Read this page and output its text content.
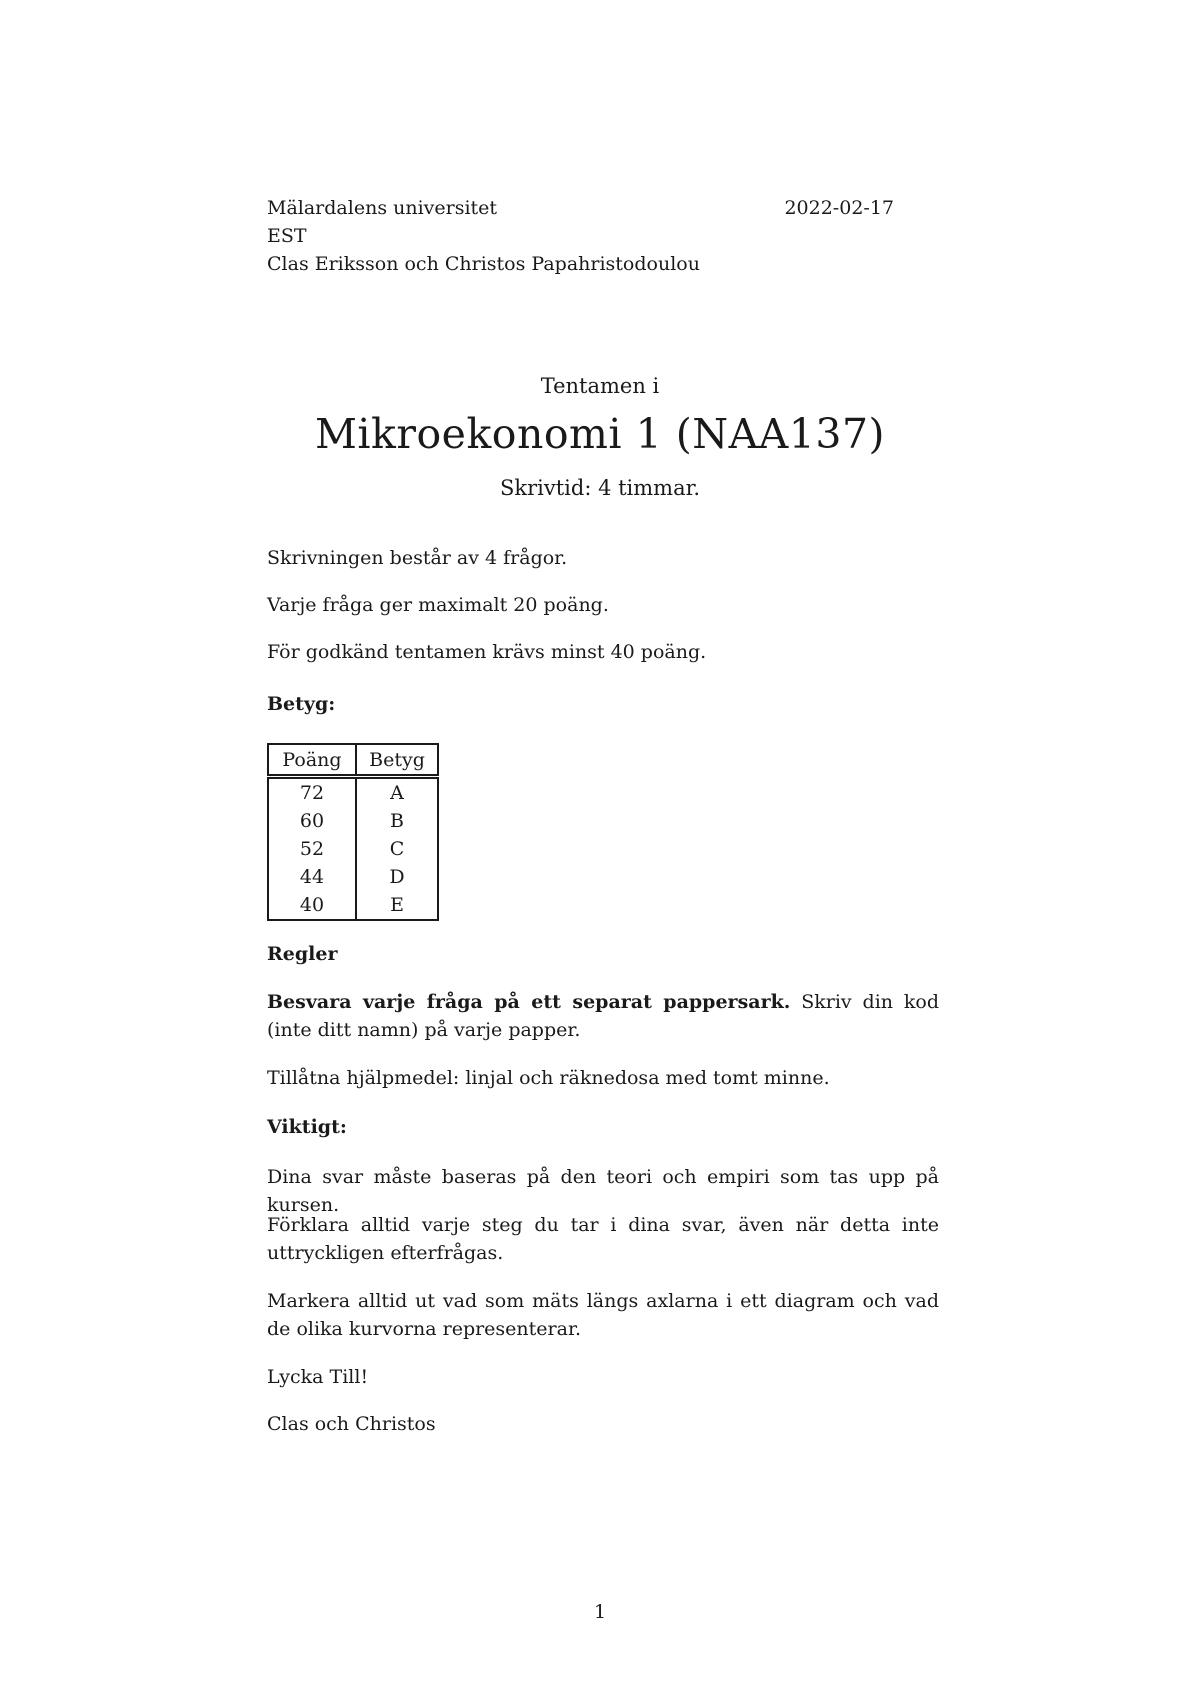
Mälardalens universitet	2022-02-17
EST
Clas Eriksson och Christos Papahristodoulou
Tentamen i
Mikroekonomi 1 (NAA137)
Skrivtid: 4 timmar.
Skrivningen består av 4 frågor.
Varje fråga ger maximalt 20 poäng.
För godkänd tentamen krävs minst 40 poäng.
Betyg:
Poäng	Betyg
72	A
60	B
52	C
44	D
40	E
Regler
Besvara varje fråga på ett separat pappersark. Skriv din kod (inte ditt namn) på varje papper.
Tillåtna hjälpmedel: linjal och räknedosa med tomt minne.
Viktigt:
Dina svar måste baseras på den teori och empiri som tas upp på kursen.
Förklara alltid varje steg du tar i dina svar, även när detta inte uttryckligen efterfrågas.
Markera alltid ut vad som mäts längs axlarna i ett diagram och vad de olika kurvorna representerar.
Lycka Till!
Clas och Christos
1
